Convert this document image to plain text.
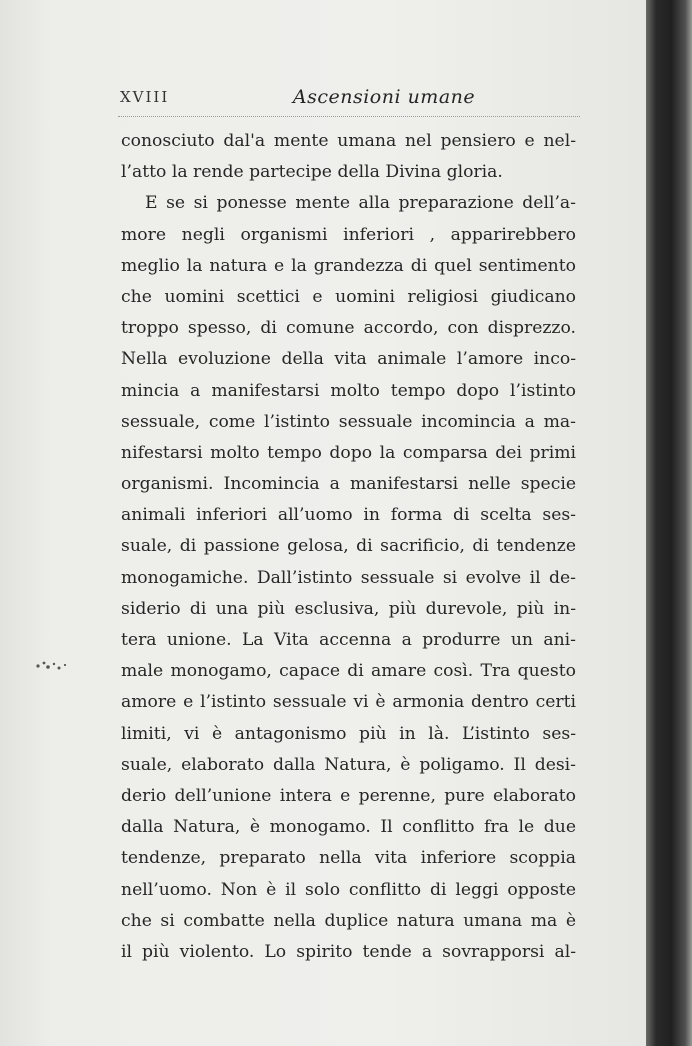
XVIII	Ascensioni umane
conosciuto dal'a mente umana nel pensiero e nel-
l’atto la rende partecipe della Divina gloria.
E se si ponesse mente alla preparazione dell’a-
more negli organismi inferiori , apparirebbero
meglio la natura e la grandezza di quel sentimento
che uomini scettici e uomini religiosi giudicano
troppo spesso, di comune accordo, con disprezzo.
Nella evoluzione della vita animale l’amore inco-
mincia a manifestarsi molto tempo dopo l’istinto
sessuale, come l’istinto sessuale incomincia a ma-
nifestarsi molto tempo dopo la comparsa dei primi
organismi. Incomincia a manifestarsi nelle specie
animali inferiori all’uomo in forma di scelta ses-
suale, di passione gelosa, di sacrificio, di tendenze
monogamiche. Dall’istinto sessuale si evolve il de-
siderio di una più esclusiva, più durevole, più in-
tera unione. La Vita accenna a produrre un ani-
male monogamo, capace di amare così. Tra questo
amore e l’istinto sessuale vi è armonia dentro certi
limiti, vi è antagonismo più in là. L’istinto ses-
suale, elaborato dalla Natura, è poligamo. Il desi-
derio dell’unione intera e perenne, pure elaborato
dalla Natura, è monogamo. Il conflitto fra le due
tendenze, preparato nella vita inferiore scoppia
nell’uomo. Non è il solo conflitto di leggi opposte
che si combatte nella duplice natura umana ma è
il più violento. Lo spirito tende a sovrapporsi al-
